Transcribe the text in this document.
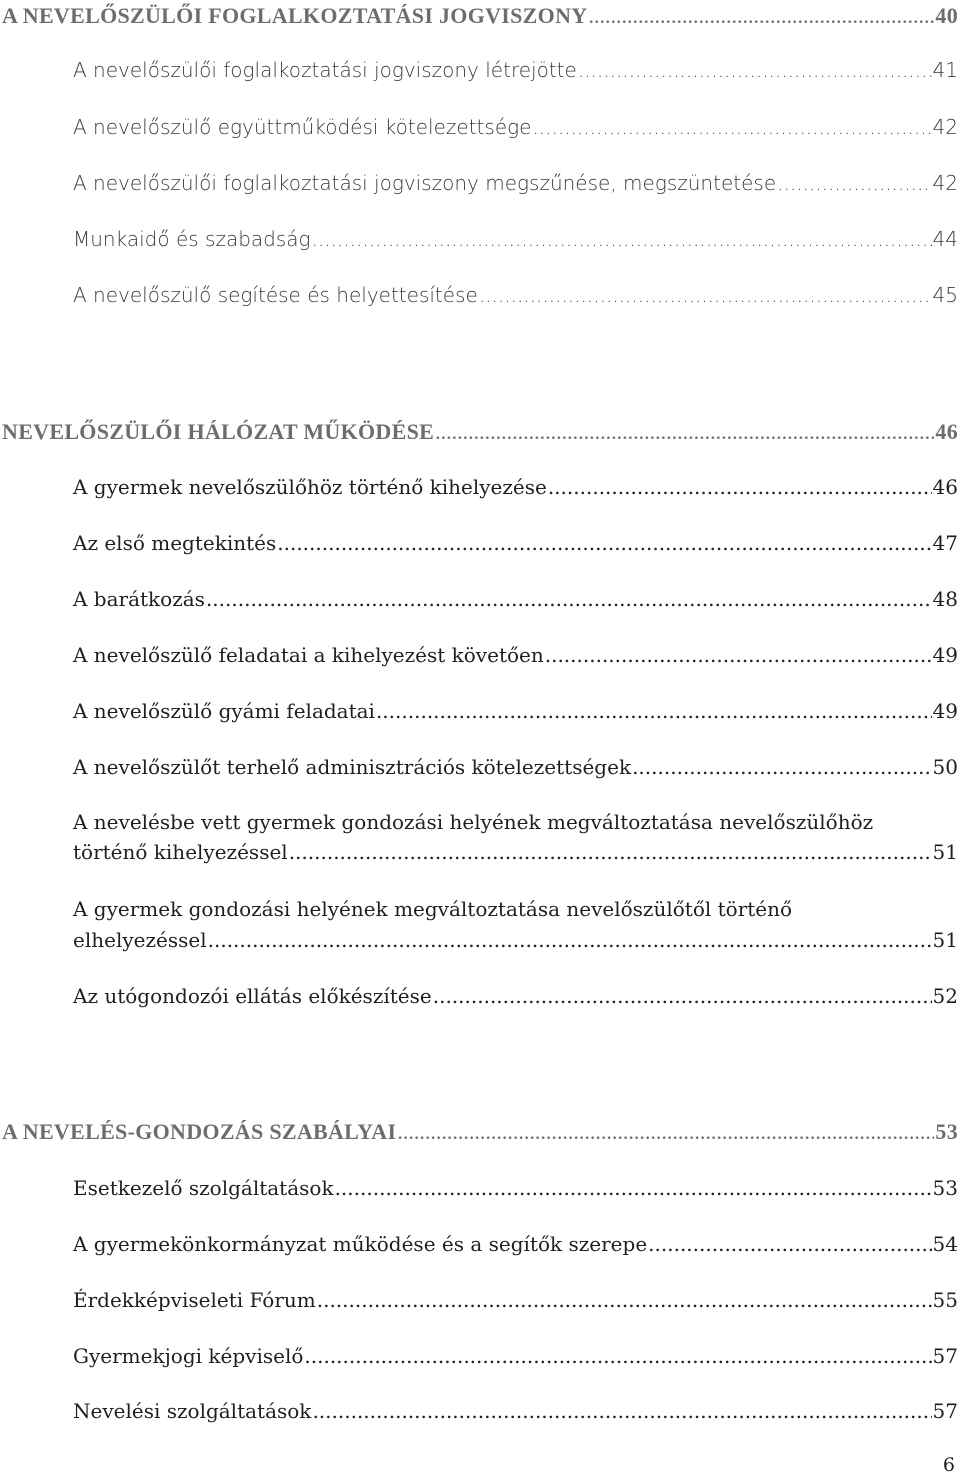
A NEVELŐSZÜLŐI FOGLALKOZTATÁSI JOGVISZONY .....	40
A nevelőszülői foglalkoztatási jogviszony létrejötte .....	41
A nevelőszülő együttműködési kötelezettsége .....	42
A nevelőszülői foglalkoztatási jogviszony megszűnése, megszüntetése .....	42
Munkaidő és szabadság .....	44
A nevelőszülő segítése és helyettesítése .....	45
NEVELŐSZÜLŐI HÁLÓZAT MŰKÖDÉSE .....	46
A gyermek nevelőszülőhöz történő kihelyezése .....	46
Az első megtekintés .....	47
A barátkozás .....	48
A nevelőszülő feladatai a kihelyezést követően .....	49
A nevelőszülő gyámi feladatai .....	49
A nevelőszülőt terhelő adminisztrációs kötelezettségek .....	50
A nevelésbe vett gyermek gondozási helyének megváltoztatása nevelőszülőhöz
történő kihelyezéssel .....	51
A gyermek gondozási helyének megváltoztatása nevelőszülőtől történő
elhelyezéssel .....	51
Az utógondozói ellátás előkészítése .....	52
A NEVELÉS-GONDOZÁS SZABÁLYAI .....	53
Esetkezelő szolgáltatások .....	53
A gyermekönkormányzat működése és a segítők szerepe .....	54
Érdekképviseleti Fórum .....	55
Gyermekjogi képviselő .....	57
Nevelési szolgáltatások .....	57
6
